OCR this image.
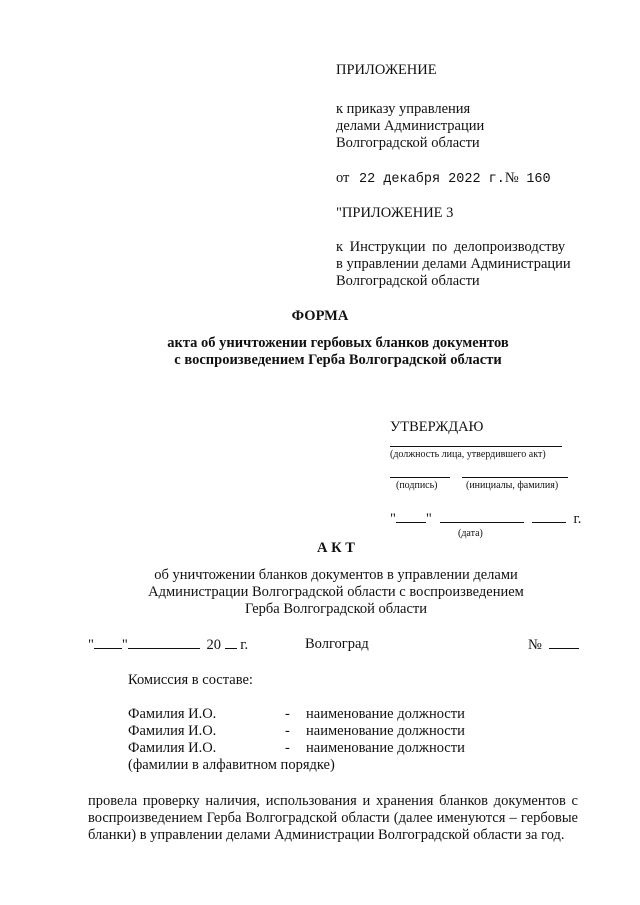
ПРИЛОЖЕНИЕ
к приказу управления
делами Администрации
Волгоградской области
от 22 декабря 2022 г.№ 160
"ПРИЛОЖЕНИЕ 3
к Инструкции по делопроизводству
в управлении делами Администрации
Волгоградской области
ФОРМА
акта об уничтожении гербовых бланков документов
с воспроизведением Герба Волгоградской области
УТВЕРЖДАЮ
(должность лица, утвердившего акт)
(подпись)	(инициалы, фамилия)
" "	г.
(дата)
А К Т
об уничтожении бланков документов в управлении делами
Администрации Волгоградской области с воспроизведением
Герба Волгоградской области
" "	20 г.	Волгоград	№
Комиссия в составе:
Фамилия И.О.	- наименование должности
Фамилия И.О.	- наименование должности
Фамилия И.О.	- наименование должности
(фамилии в алфавитном порядке)
провела проверку наличия, использования и хранения бланков документов с воспроизведением Герба Волгоградской области (далее именуются – гербовые бланки) в управлении делами Администрации Волгоградской области за год.
